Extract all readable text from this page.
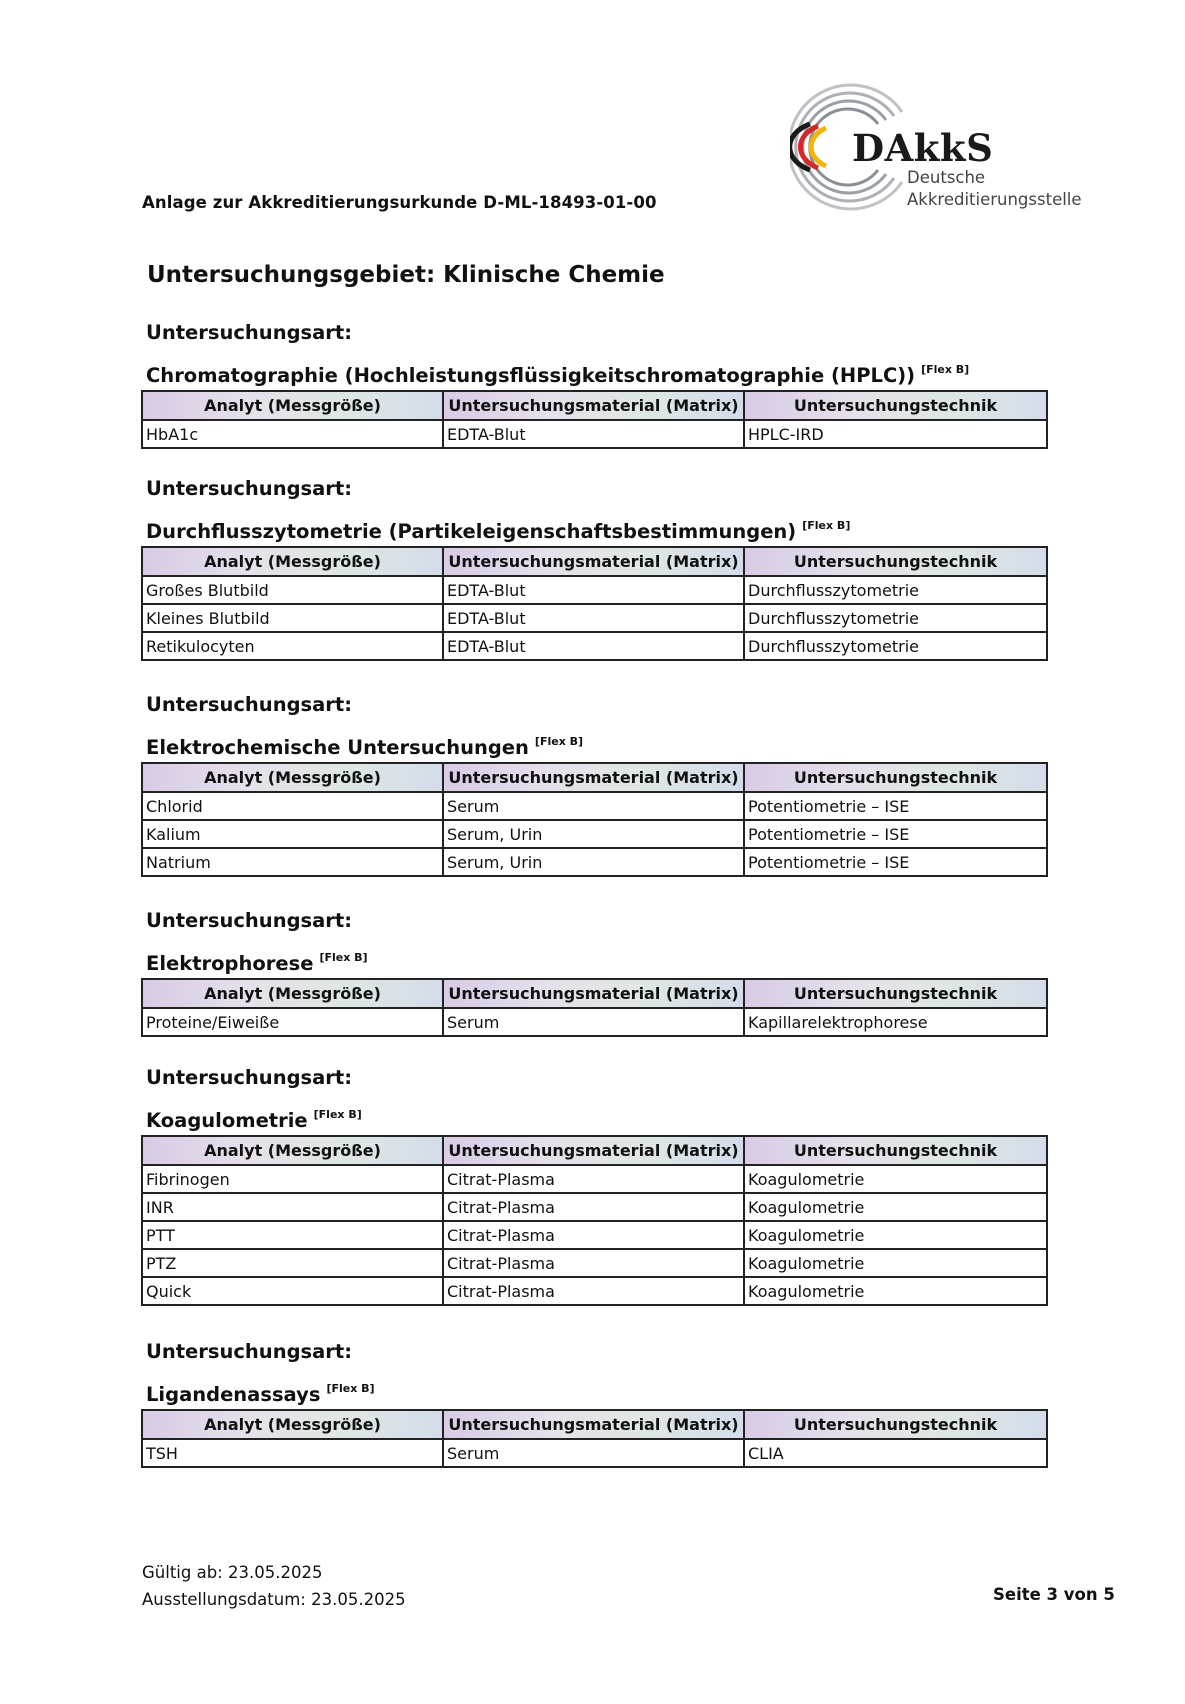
Anlage zur Akkreditierungsurkunde D-ML-18493-01-00
DAkkS
Deutsche
Akkreditierungsstelle
Untersuchungsgebiet: Klinische Chemie
Untersuchungsart:
Chromatographie (Hochleistungsflüssigkeitschromatographie (HPLC)) [Flex B]
Analyt (Messgröße)	Untersuchungsmaterial (Matrix)	Untersuchungstechnik
HbA1c	EDTA-Blut	HPLC-IRD
Untersuchungsart:
Durchflusszytometrie (Partikeleigenschaftsbestimmungen) [Flex B]
Analyt (Messgröße)	Untersuchungsmaterial (Matrix)	Untersuchungstechnik
Großes Blutbild	EDTA-Blut	Durchflusszytometrie
Kleines Blutbild	EDTA-Blut	Durchflusszytometrie
Retikulocyten	EDTA-Blut	Durchflusszytometrie
Untersuchungsart:
Elektrochemische Untersuchungen [Flex B]
Analyt (Messgröße)	Untersuchungsmaterial (Matrix)	Untersuchungstechnik
Chlorid	Serum	Potentiometrie – ISE
Kalium	Serum, Urin	Potentiometrie – ISE
Natrium	Serum, Urin	Potentiometrie – ISE
Untersuchungsart:
Elektrophorese [Flex B]
Analyt (Messgröße)	Untersuchungsmaterial (Matrix)	Untersuchungstechnik
Proteine/Eiweiße	Serum	Kapillarelektrophorese
Untersuchungsart:
Koagulometrie [Flex B]
Analyt (Messgröße)	Untersuchungsmaterial (Matrix)	Untersuchungstechnik
Fibrinogen	Citrat-Plasma	Koagulometrie
INR	Citrat-Plasma	Koagulometrie
PTT	Citrat-Plasma	Koagulometrie
PTZ	Citrat-Plasma	Koagulometrie
Quick	Citrat-Plasma	Koagulometrie
Untersuchungsart:
Ligandenassays [Flex B]
Analyt (Messgröße)	Untersuchungsmaterial (Matrix)	Untersuchungstechnik
TSH	Serum	CLIA
Gültig ab: 23.05.2025
Ausstellungsdatum: 23.05.2025	Seite 3 von 5
